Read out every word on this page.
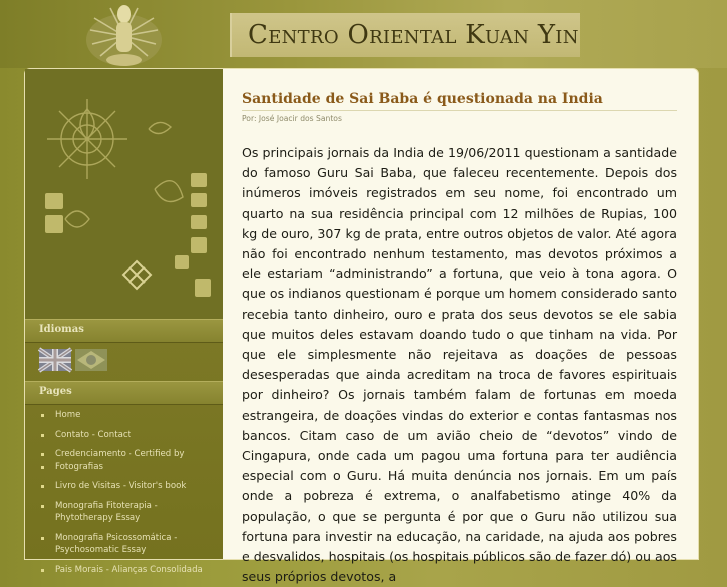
Centro Oriental Kuan Yin
Idiomas
Pages
Home
Contato - Contact
Credenciamento - Certified by
Fotografias
Livro de Visitas - Visitor's book
Monografia Fitoterapia - Phytotherapy Essay
Monografia Psicossomática - Psychosomatic Essay
Pais Morais - Alianças Consolidada
Santidade de Sai Baba é questionada na India
Por: José Joacir dos Santos
Os principais jornais da India de 19/06/2011 questionam a santidade do famoso Guru Sai Baba, que faleceu recentemente. Depois dos inúmeros imóveis registrados em seu nome, foi encontrado um quarto na sua residência principal com 12 milhões de Rupias, 100 kg de ouro, 307 kg de prata, entre outros objetos de valor. Até agora não foi encontrado nenhum testamento, mas devotos próximos a ele estariam “administrando” a fortuna, que veio à tona agora. O que os indianos questionam é porque um homem considerado santo recebia tanto dinheiro, ouro e prata dos seus devotos se ele sabia que muitos deles estavam doando tudo o que tinham na vida. Por que ele simplesmente não rejeitava as doações de pessoas desesperadas que ainda acreditam na troca de favores espirituais por dinheiro? Os jornais também falam de fortunas em moeda estrangeira, de doações vindas do exterior e contas fantasmas nos bancos. Citam caso de um avião cheio de “devotos” vindo de Cingapura, onde cada um pagou uma fortuna para ter audiência especial com o Guru. Há muita denúncia nos jornais. Em um país onde a pobreza é extrema, o analfabetismo atinge 40% da população, o que se pergunta é por que o Guru não utilizou sua fortuna para investir na educação, na caridade, na ajuda aos pobres e desvalidos, hospitais (os hospitais públicos são de fazer dó) ou aos seus próprios devotos, a
